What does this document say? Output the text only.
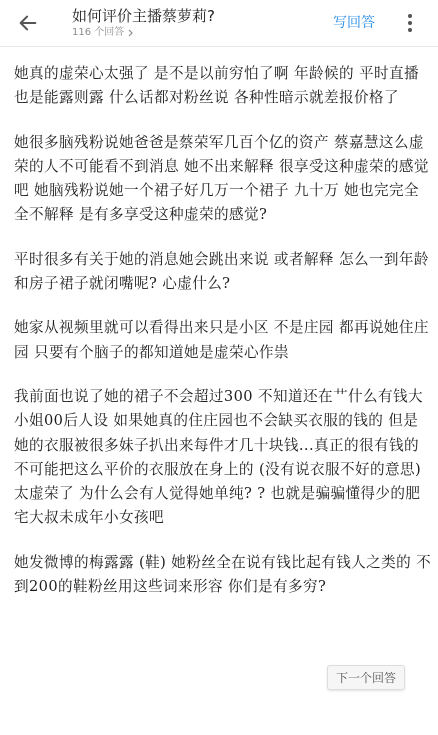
如何评价主播蔡萝莉?
116 个回答
写回答

她真的虚荣心太强了 是不是以前穷怕了啊 年龄候的 平时直播也是能露则露 什么话都对粉丝说 各种性暗示就差报价格了

她很多脑残粉说她爸爸是蔡荣军几百个亿的资产 蔡嘉慧这么虚荣的人不可能看不到消息 她不出来解释 很享受这种虚荣的感觉吧 她脑残粉说她一个裙子好几万一个裙子 九十万 她也完完全全不解释 是有多享受这种虚荣的感觉?

平时很多有关于她的消息她会跳出来说 或者解释 怎么一到年龄和房子裙子就闭嘴呢? 心虚什么?

她家从视频里就可以看得出来只是小区 不是庄园 都再说她住庄园 只要有个脑子的都知道她是虚荣心作祟

我前面也说了她的裙子不会超过300 不知道还在艹什么有钱大小姐00后人设 如果她真的住庄园也不会缺买衣服的钱的 但是她的衣服被很多妹子扒出来每件才几十块钱...真正的很有钱的不可能把这么平价的衣服放在身上的 (没有说衣服不好的意思) 太虚荣了 为什么会有人觉得她单纯? ? 也就是骗骗懂得少的肥宅大叔未成年小女孩吧

她发微博的梅露露 (鞋) 她粉丝全在说有钱比起有钱人之类的 不到200的鞋粉丝用这些词来形容 你们是有多穷?

下一个回答
